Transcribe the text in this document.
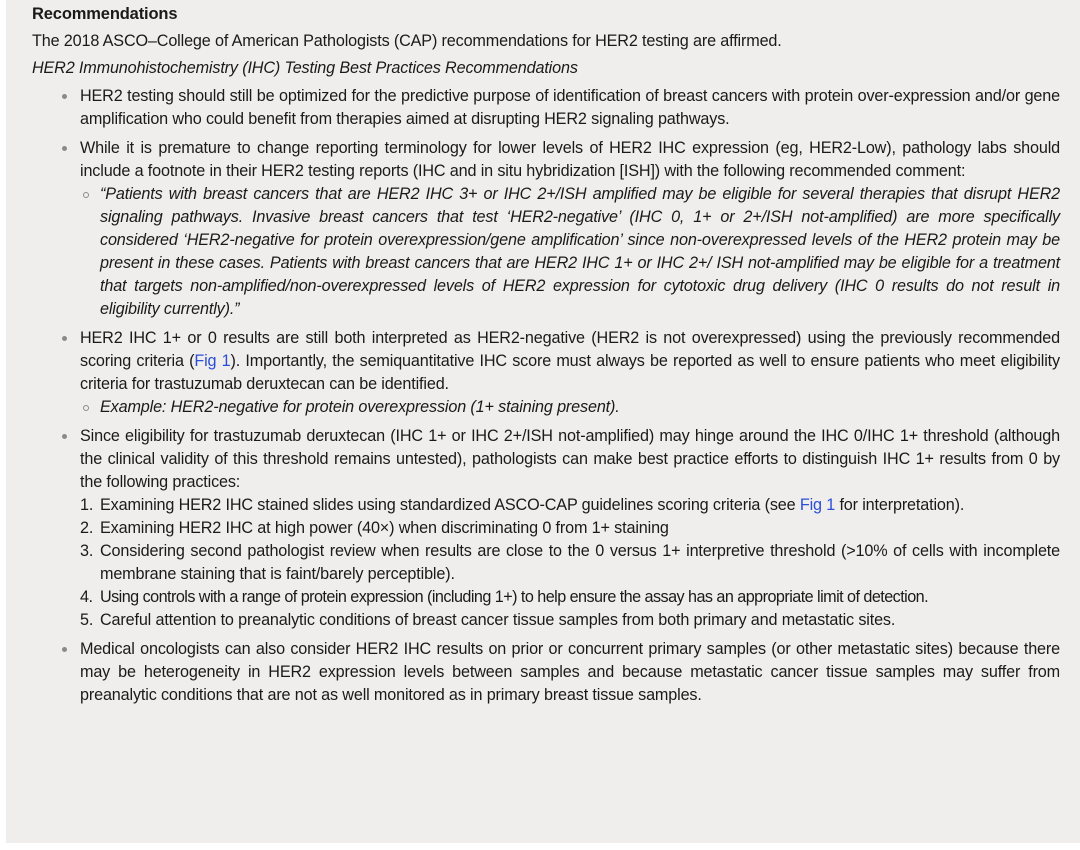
Recommendations
The 2018 ASCO–College of American Pathologists (CAP) recommendations for HER2 testing are affirmed.
HER2 Immunohistochemistry (IHC) Testing Best Practices Recommendations
HER2 testing should still be optimized for the predictive purpose of identification of breast cancers with protein over-expression and/or gene amplification who could benefit from therapies aimed at disrupting HER2 signaling pathways.
While it is premature to change reporting terminology for lower levels of HER2 IHC expression (eg, HER2-Low), pathology labs should include a footnote in their HER2 testing reports (IHC and in situ hybridization [ISH]) with the following recommended comment:
“Patients with breast cancers that are HER2 IHC 3+ or IHC 2+/ISH amplified may be eligible for several therapies that disrupt HER2 signaling pathways. Invasive breast cancers that test ‘HER2-negative’ (IHC 0, 1+ or 2+/ISH not-amplified) are more specifically considered ‘HER2-negative for protein overexpression/gene amplification’ since non-overexpressed levels of the HER2 protein may be present in these cases. Patients with breast cancers that are HER2 IHC 1+ or IHC 2+/ ISH not-amplified may be eligible for a treatment that targets non-amplified/non-overexpressed levels of HER2 expression for cytotoxic drug delivery (IHC 0 results do not result in eligibility currently).”
HER2 IHC 1+ or 0 results are still both interpreted as HER2-negative (HER2 is not overexpressed) using the previously recommended scoring criteria (Fig 1). Importantly, the semiquantitative IHC score must always be reported as well to ensure patients who meet eligibility criteria for trastuzumab deruxtecan can be identified.
Example: HER2-negative for protein overexpression (1+ staining present).
Since eligibility for trastuzumab deruxtecan (IHC 1+ or IHC 2+/ISH not-amplified) may hinge around the IHC 0/IHC 1+ threshold (although the clinical validity of this threshold remains untested), pathologists can make best practice efforts to distinguish IHC 1+ results from 0 by the following practices:
1. Examining HER2 IHC stained slides using standardized ASCO-CAP guidelines scoring criteria (see Fig 1 for interpretation).
2. Examining HER2 IHC at high power (40×) when discriminating 0 from 1+ staining
3. Considering second pathologist review when results are close to the 0 versus 1+ interpretive threshold (>10% of cells with incomplete membrane staining that is faint/barely perceptible).
4. Using controls with a range of protein expression (including 1+) to help ensure the assay has an appropriate limit of detection.
5. Careful attention to preanalytic conditions of breast cancer tissue samples from both primary and metastatic sites.
Medical oncologists can also consider HER2 IHC results on prior or concurrent primary samples (or other metastatic sites) because there may be heterogeneity in HER2 expression levels between samples and because metastatic cancer tissue samples may suffer from preanalytic conditions that are not as well monitored as in primary breast tissue samples.
